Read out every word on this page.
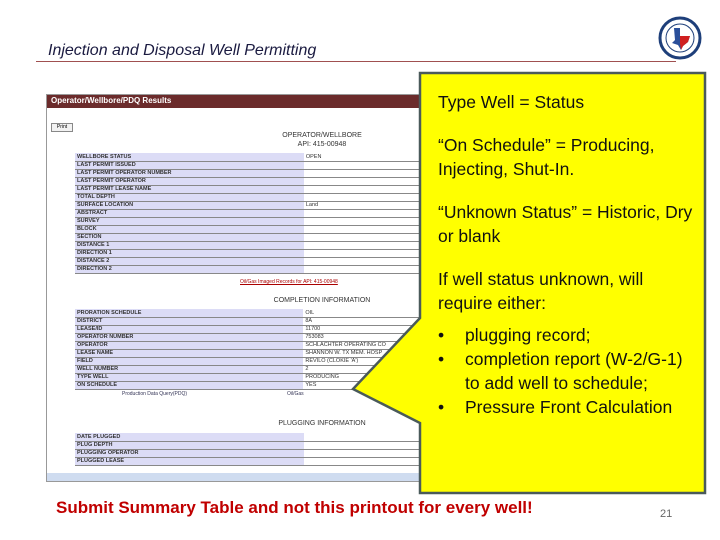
Injection and Disposal Well Permitting
Operator/Wellbore/PDQ Results
Print
OPERATOR/WELLBORE
API: 415-00948
WELLBORE STATUS	OPEN
LAST PERMIT ISSUED	
LAST PERMIT OPERATOR NUMBER	
LAST PERMIT OPERATOR	
LAST PERMIT LEASE NAME	
TOTAL DEPTH	
SURFACE LOCATION	Land
ABSTRACT	
SURVEY	
BLOCK	
SECTION	
DISTANCE 1	
DIRECTION 1	
DISTANCE 2	
DIRECTION 2	
Oil/Gas Imaged Records for API: 415-00948
COMPLETION INFORMATION
PRORATION SCHEDULE	OIL
DISTRICT	8A
LEASE/ID	11700
OPERATOR NUMBER	753083
OPERATOR	SCHLACHTER OPERATING CO
LEASE NAME	SHANNON W. TX MEM. HOSP
FIELD	REVILO (CLOKIE 'A')
WELL NUMBER	2
TYPE WELL	PRODUCING
ON SCHEDULE	YES
Production Data Query(PDQ)	Oil/Gas
PLUGGING INFORMATION
DATE PLUGGED	
PLUG DEPTH	
PLUGGING OPERATOR	
PLUGGED LEASE	

Type Well = Status

“On Schedule” = Producing, Injecting, Shut-In.

“Unknown Status” = Historic, Dry or blank

If well status unknown, will require either:

• plugging record;
• completion report (W-2/G-1) to add well to schedule;
• Pressure Front Calculation
Submit Summary Table and not this printout for every well!	21
